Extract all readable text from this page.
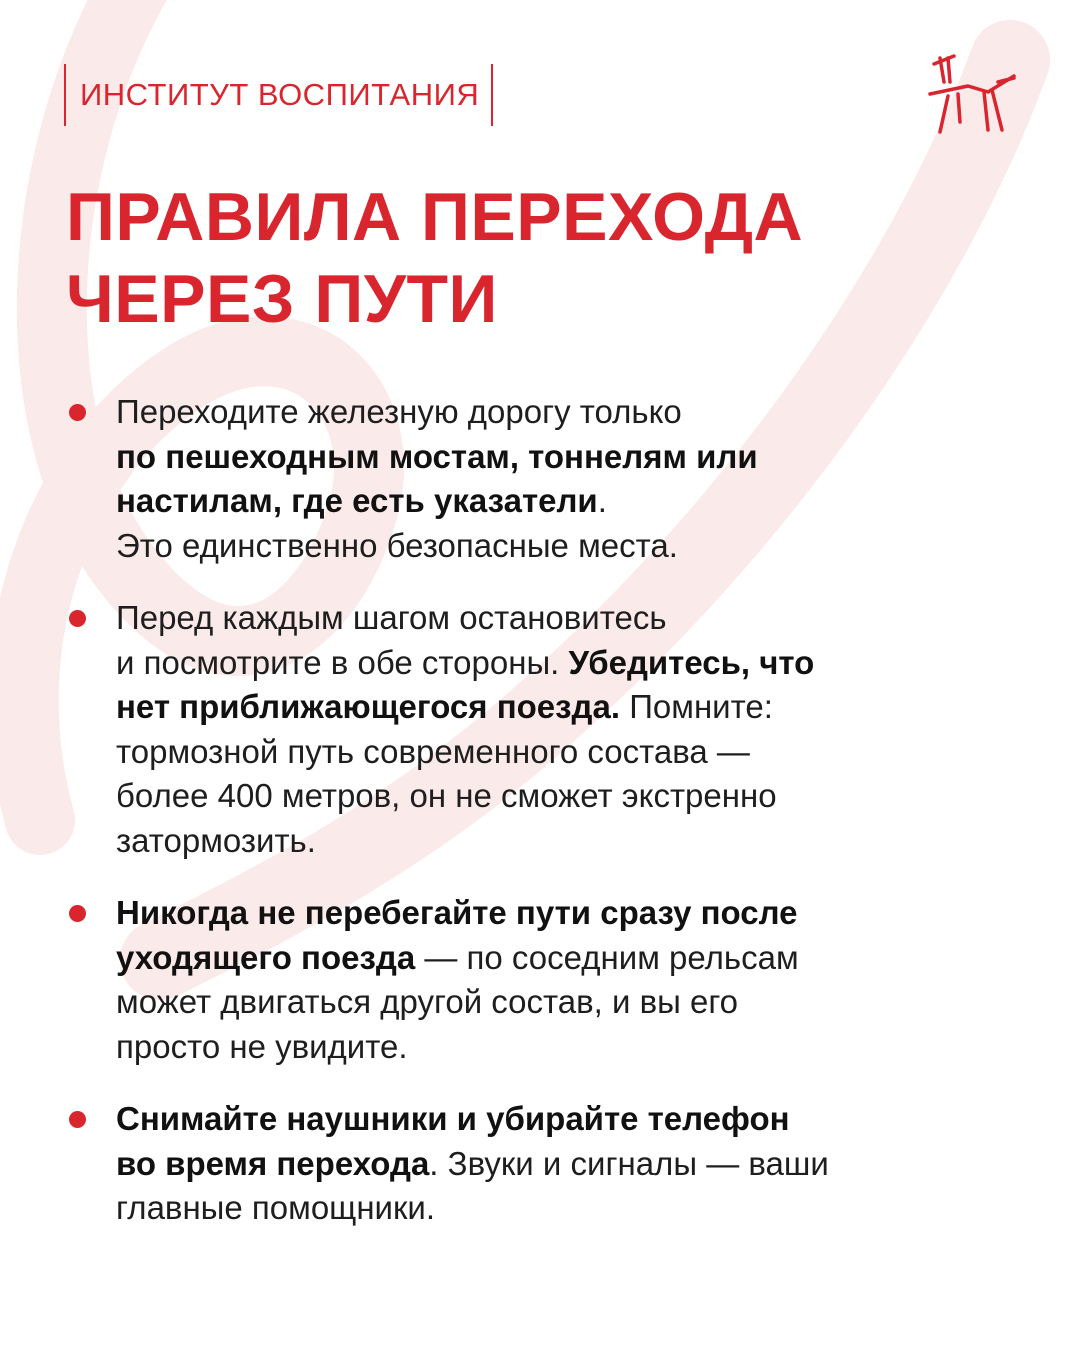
ИНСТИТУТ ВОСПИТАНИЯ
ПРАВИЛА ПЕРЕХОДА
ЧЕРЕЗ ПУТИ
Переходите железную дорогу только
по пешеходным мостам, тоннелям или
настилам, где есть указатели.
Это единственно безопасные места.
Перед каждым шагом остановитесь
и посмотрите в обе стороны. Убедитесь, что
нет приближающегося поезда. Помните:
тормозной путь современного состава —
более 400 метров, он не сможет экстренно
затормозить.
Никогда не перебегайте пути сразу после
уходящего поезда — по соседним рельсам
может двигаться другой состав, и вы его
просто не увидите.
Снимайте наушники и убирайте телефон
во время перехода. Звуки и сигналы — ваши
главные помощники.
